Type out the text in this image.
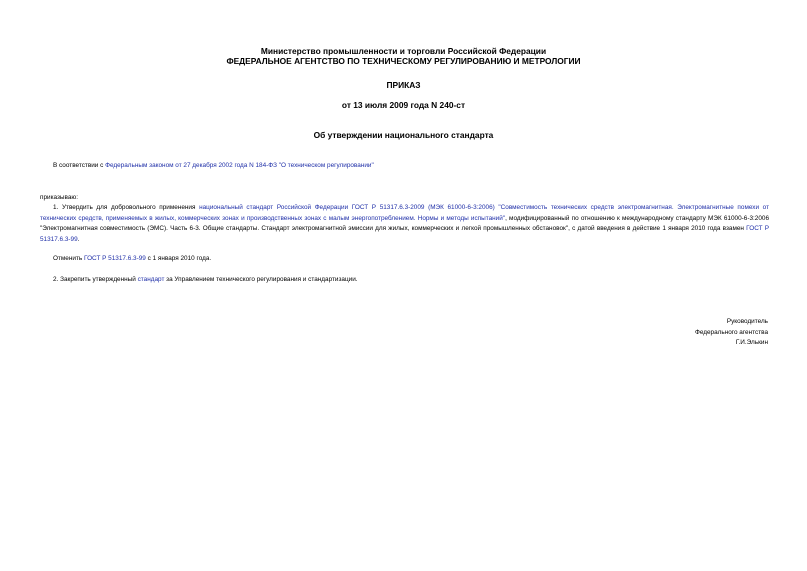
Министерство промышленности и торговли Российской Федерации
ФЕДЕРАЛЬНОЕ АГЕНТСТВО ПО ТЕХНИЧЕСКОМУ РЕГУЛИРОВАНИЮ И МЕТРОЛОГИИ
ПРИКАЗ
от 13 июля 2009 года N 240-ст
Об утверждении национального стандарта
В соответствии с Федеральным законом от 27 декабря 2002 года N 184-ФЗ "О техническом регулировании"
приказываю:
1. Утвердить для добровольного применения национальный стандарт Российской Федерации ГОСТ Р 51317.6.3-2009 (МЭК 61000-6-3:2006) "Совместимость технических средств электромагнитная. Электромагнитные помехи от технических средств, применяемых в жилых, коммерческих зонах и производственных зонах с малым энергопотреблением. Нормы и методы испытаний", модифицированный по отношению к международному стандарту МЭК 61000-6-3:2006 "Электромагнитная совместимость (ЭМС). Часть 6-3. Общие стандарты. Стандарт электромагнитной эмиссии для жилых, коммерческих и легкой промышленных обстановок", с датой введения в действие 1 января 2010 года взамен ГОСТ Р 51317.6.3-99.
Отменить ГОСТ Р 51317.6.3-99 с 1 января 2010 года.
2. Закрепить утвержденный стандарт за Управлением технического регулирования и стандартизации.
Руководитель
Федерального агентства
Г.И.Элькин
